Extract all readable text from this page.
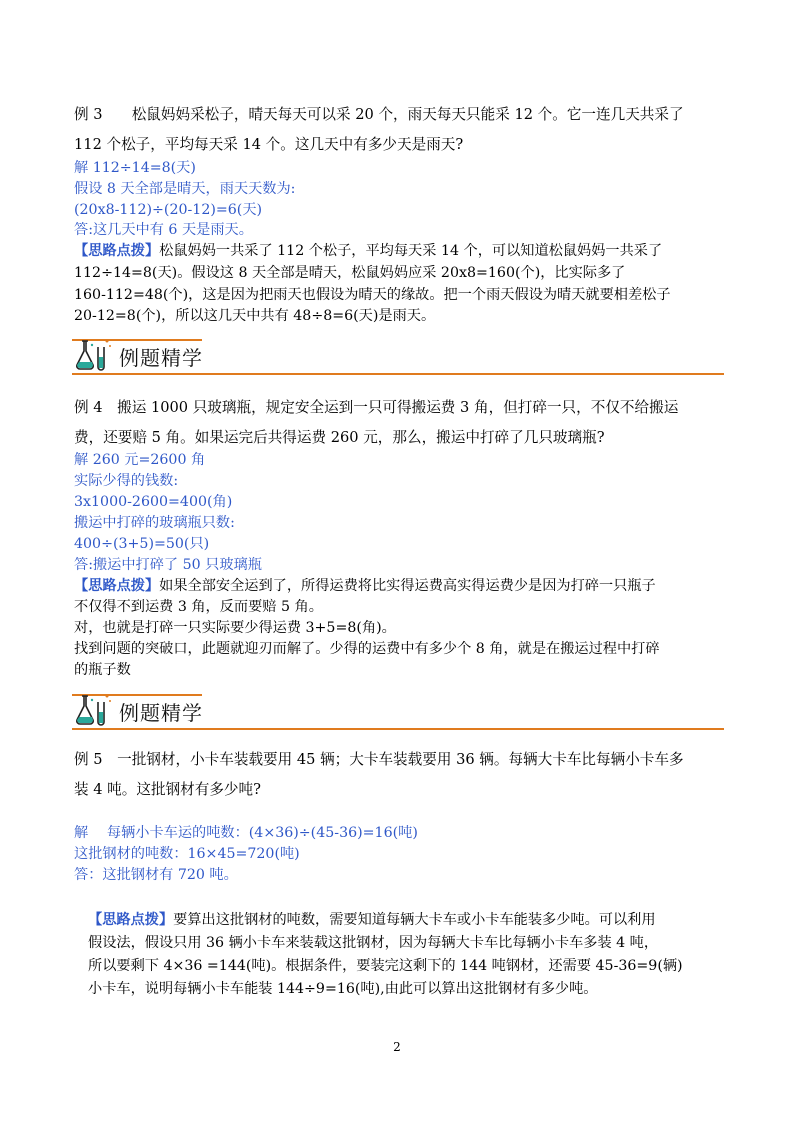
例 3　　松鼠妈妈采松子，晴天每天可以采 20 个，雨天每天只能采 12 个。它一连几天共采了
112 个松子，平均每天采 14 个。这几天中有多少天是雨天?
解 112÷14=8(天)
假设 8 天全部是晴天，雨天天数为:
(20x8-112)÷(20-12)=6(天)
答:这几天中有 6 天是雨天。
【思路点拨】松鼠妈妈一共采了 112 个松子，平均每天采 14 个，可以知道松鼠妈妈一共采了
112÷14=8(天)。假设这 8 天全部是晴天，松鼠妈妈应采 20x8=160(个)，比实际多了
160-112=48(个)，这是因为把雨天也假设为晴天的缘故。把一个雨天假设为晴天就要相差松子
20-12=8(个)，所以这几天中共有 48÷8=6(天)是雨天。
例题精学
例 4　搬运 1000 只玻璃瓶，规定安全运到一只可得搬运费 3 角，但打碎一只，不仅不给搬运
费，还要赔 5 角。如果运完后共得运费 260 元，那么，搬运中打碎了几只玻璃瓶?
解 260 元=2600 角
实际少得的钱数:
3x1000-2600=400(角)
搬运中打碎的玻璃瓶只数:
400÷(3+5)=50(只)
答:搬运中打碎了 50 只玻璃瓶
【思路点拨】如果全部安全运到了，所得运费将比实得运费高实得运费少是因为打碎一只瓶子
不仅得不到运费 3 角，反而要赔 5 角。
对，也就是打碎一只实际要少得运费 3+5=8(角)。
找到问题的突破口，此题就迎刃而解了。少得的运费中有多少个 8 角，就是在搬运过程中打碎
的瓶子数
例题精学
例 5　一批钢材，小卡车装载要用 45 辆；大卡车装载要用 36 辆。每辆大卡车比每辆小卡车多
装 4 吨。这批钢材有多少吨?
解　 每辆小卡车运的吨数：(4×36)÷(45-36)=16(吨)
这批钢材的吨数：16×45=720(吨)
答：这批钢材有 720 吨。
【思路点拨】要算出这批钢材的吨数，需要知道每辆大卡车或小卡车能装多少吨。可以利用
假设法，假设只用 36 辆小卡车来装载这批钢材，因为每辆大卡车比每辆小卡车多装 4 吨，
所以要剩下 4×36 =144(吨)。根据条件，要装完这剩下的 144 吨钢材，还需要 45-36=9(辆)
小卡车，说明每辆小卡车能装 144÷9=16(吨),由此可以算出这批钢材有多少吨。
2
